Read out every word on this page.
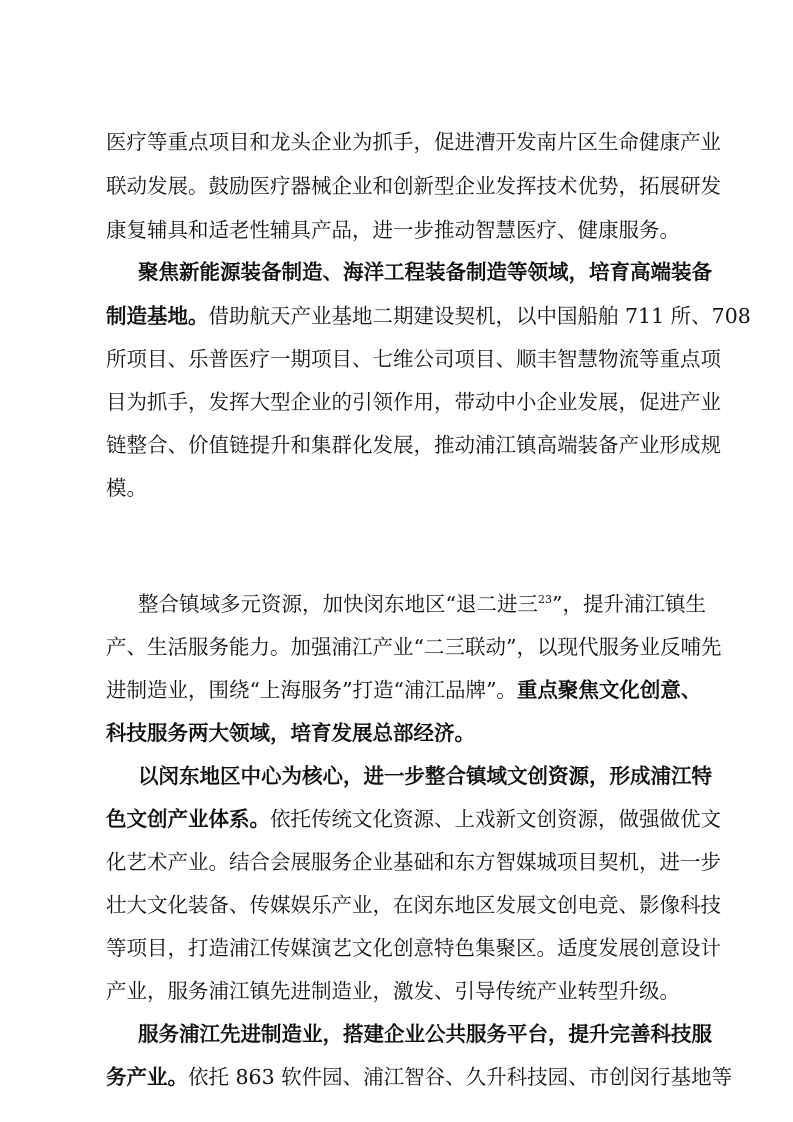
医疗等重点项目和龙头企业为抓手，促进漕开发南片区生命健康产业
联动发展。鼓励医疗器械企业和创新型企业发挥技术优势，拓展研发
康复辅具和适老性辅具产品，进一步推动智慧医疗、健康服务。
聚焦新能源装备制造、海洋工程装备制造等领域，培育高端装备
制造基地。借助航天产业基地二期建设契机，以中国船舶 711 所、708
所项目、乐普医疗一期项目、七维公司项目、顺丰智慧物流等重点项
目为抓手，发挥大型企业的引领作用，带动中小企业发展，促进产业
链整合、价值链提升和集群化发展，推动浦江镇高端装备产业形成规
模。
整合镇域多元资源，加快闵东地区“退二进三$^{23}$”，提升浦江镇生
产、生活服务能力。加强浦江产业“二三联动”，以现代服务业反哺先
进制造业，围绕“上海服务”打造“浦江品牌”。重点聚焦文化创意、
科技服务两大领域，培育发展总部经济。
以闵东地区中心为核心，进一步整合镇域文创资源，形成浦江特
色文创产业体系。依托传统文化资源、上戏新文创资源，做强做优文
化艺术产业。结合会展服务企业基础和东方智媒城项目契机，进一步
壮大文化装备、传媒娱乐产业，在闵东地区发展文创电竞、影像科技
等项目，打造浦江传媒演艺文化创意特色集聚区。适度发展创意设计
产业，服务浦江镇先进制造业，激发、引导传统产业转型升级。
服务浦江先进制造业，搭建企业公共服务平台，提升完善科技服
务产业。依托 863 软件园、浦江智谷、久升科技园、市创闵行基地等
